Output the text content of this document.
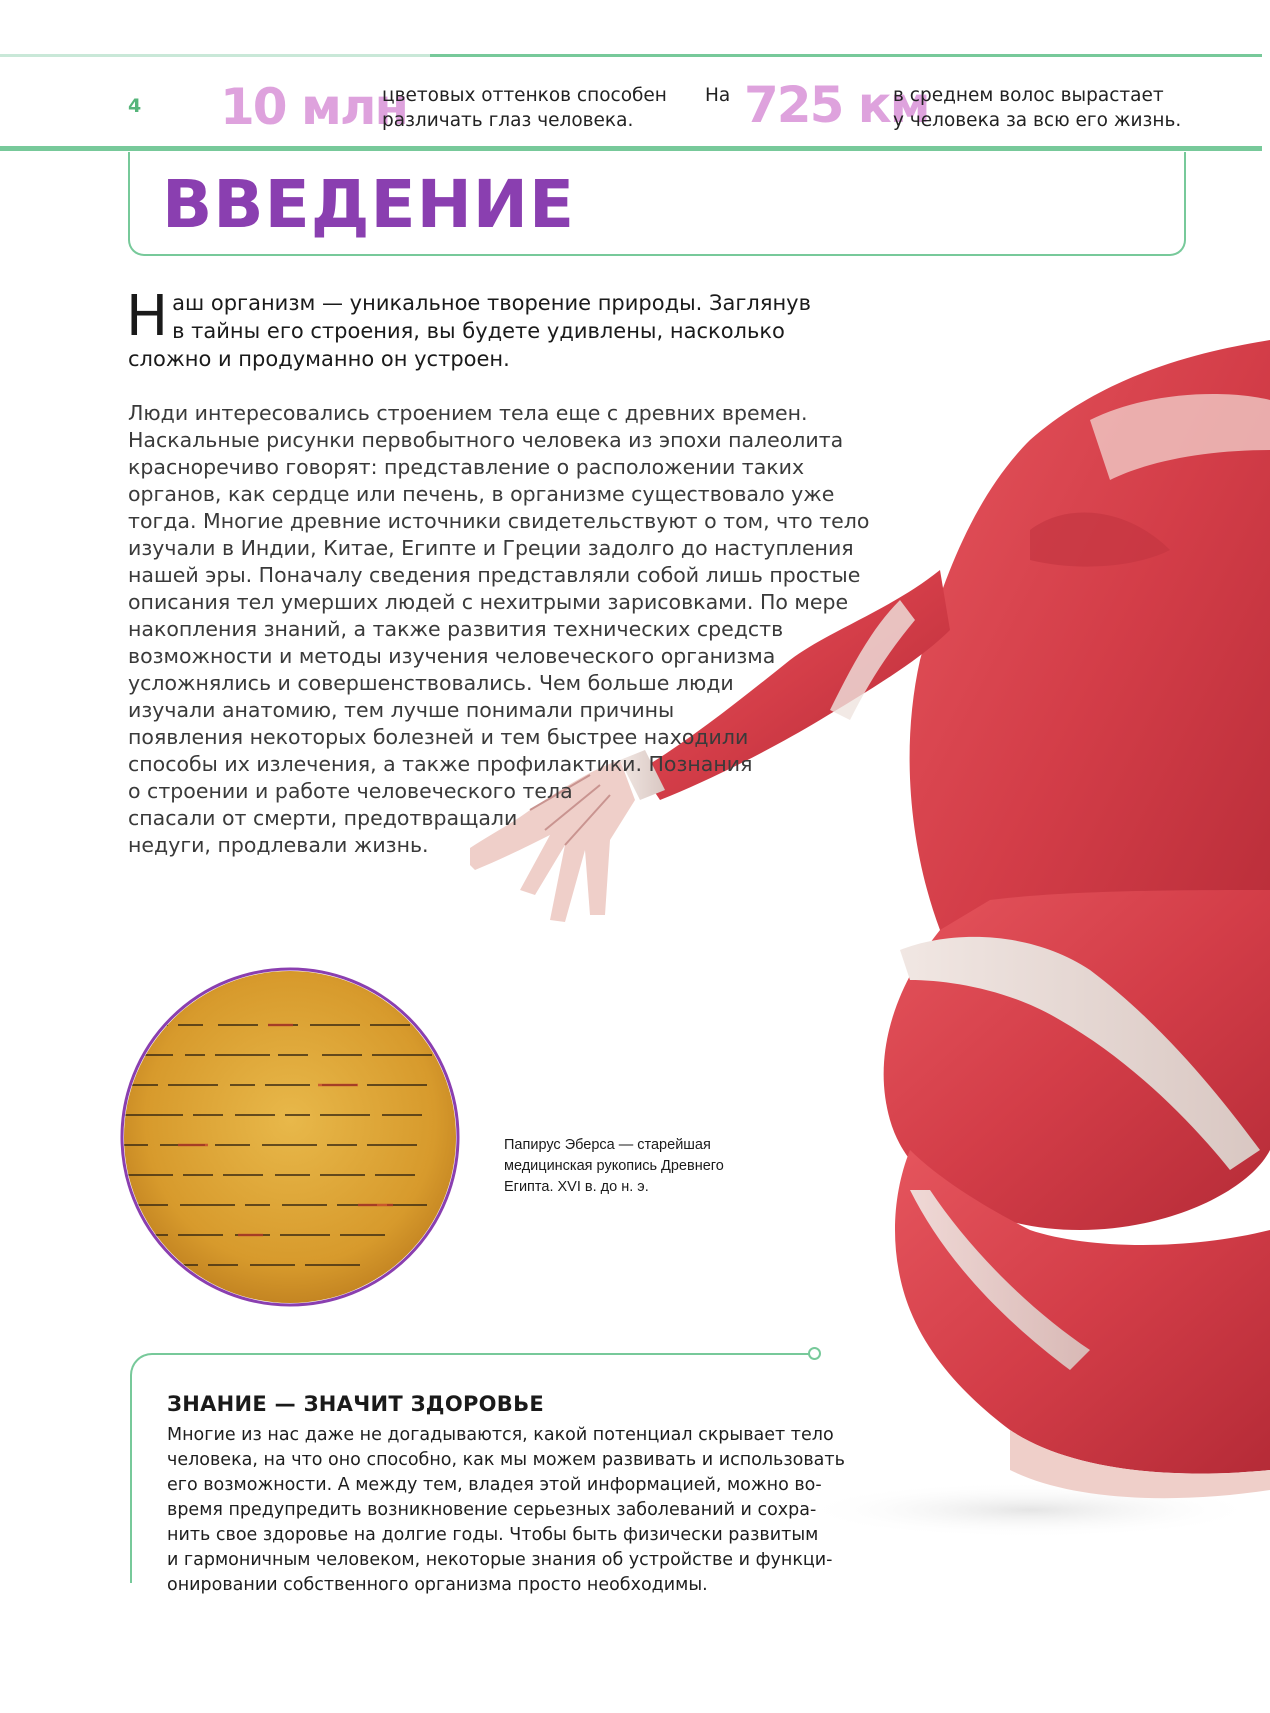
4 10 млн
цветовых оттенков способен
различать глаз человека.
На 725 км
в среднем волос вырастает
у человека за всю его жизнь.
ВВЕДЕНИЕ
Наш организм — уникальное творение природы. Заглянув в тайны его строения, вы будете удивлены, насколько сложно и продуманно он устроен.
Люди интересовались строением тела еще с древних времен.
Наскальные рисунки первобытного человека из эпохи палеолита
красноречиво говорят: представление о расположении таких
органов, как сердце или печень, в организме существовало уже
тогда. Многие древние источники свидетельствуют о том, что тело
изучали в Индии, Китае, Египте и Греции задолго до наступления
нашей эры. Поначалу сведения представляли собой лишь простые
описания тел умерших людей с нехитрыми зарисовками. По мере
накопления знаний, а также развития технических средств
возможности и методы изучения человеческого организма
усложнялись и совершенствовались. Чем больше люди
изучали анатомию, тем лучше понимали причины
появления некоторых болезней и тем быстрее находили
способы их излечения, а также профилактики. Познания
о строении и работе человеческого тела
спасали от смерти, предотвращали
недуги, продлевали жизнь.
Папирус Эберса — старейшая
медицинская рукопись Древнего
Египта. XVI в. до н. э.
ЗНАНИЕ — ЗНАЧИТ ЗДОРОВЬЕ
Многие из нас даже не догадываются, какой потенциал скрывает тело
человека, на что оно способно, как мы можем развивать и использовать
его возможности. А между тем, владея этой информацией, можно во-
время предупредить возникновение серьезных заболеваний и сохра-
нить свое здоровье на долгие годы. Чтобы быть физически развитым
и гармоничным человеком, некоторые знания об устройстве и функци-
онировании собственного организма просто необходимы.
